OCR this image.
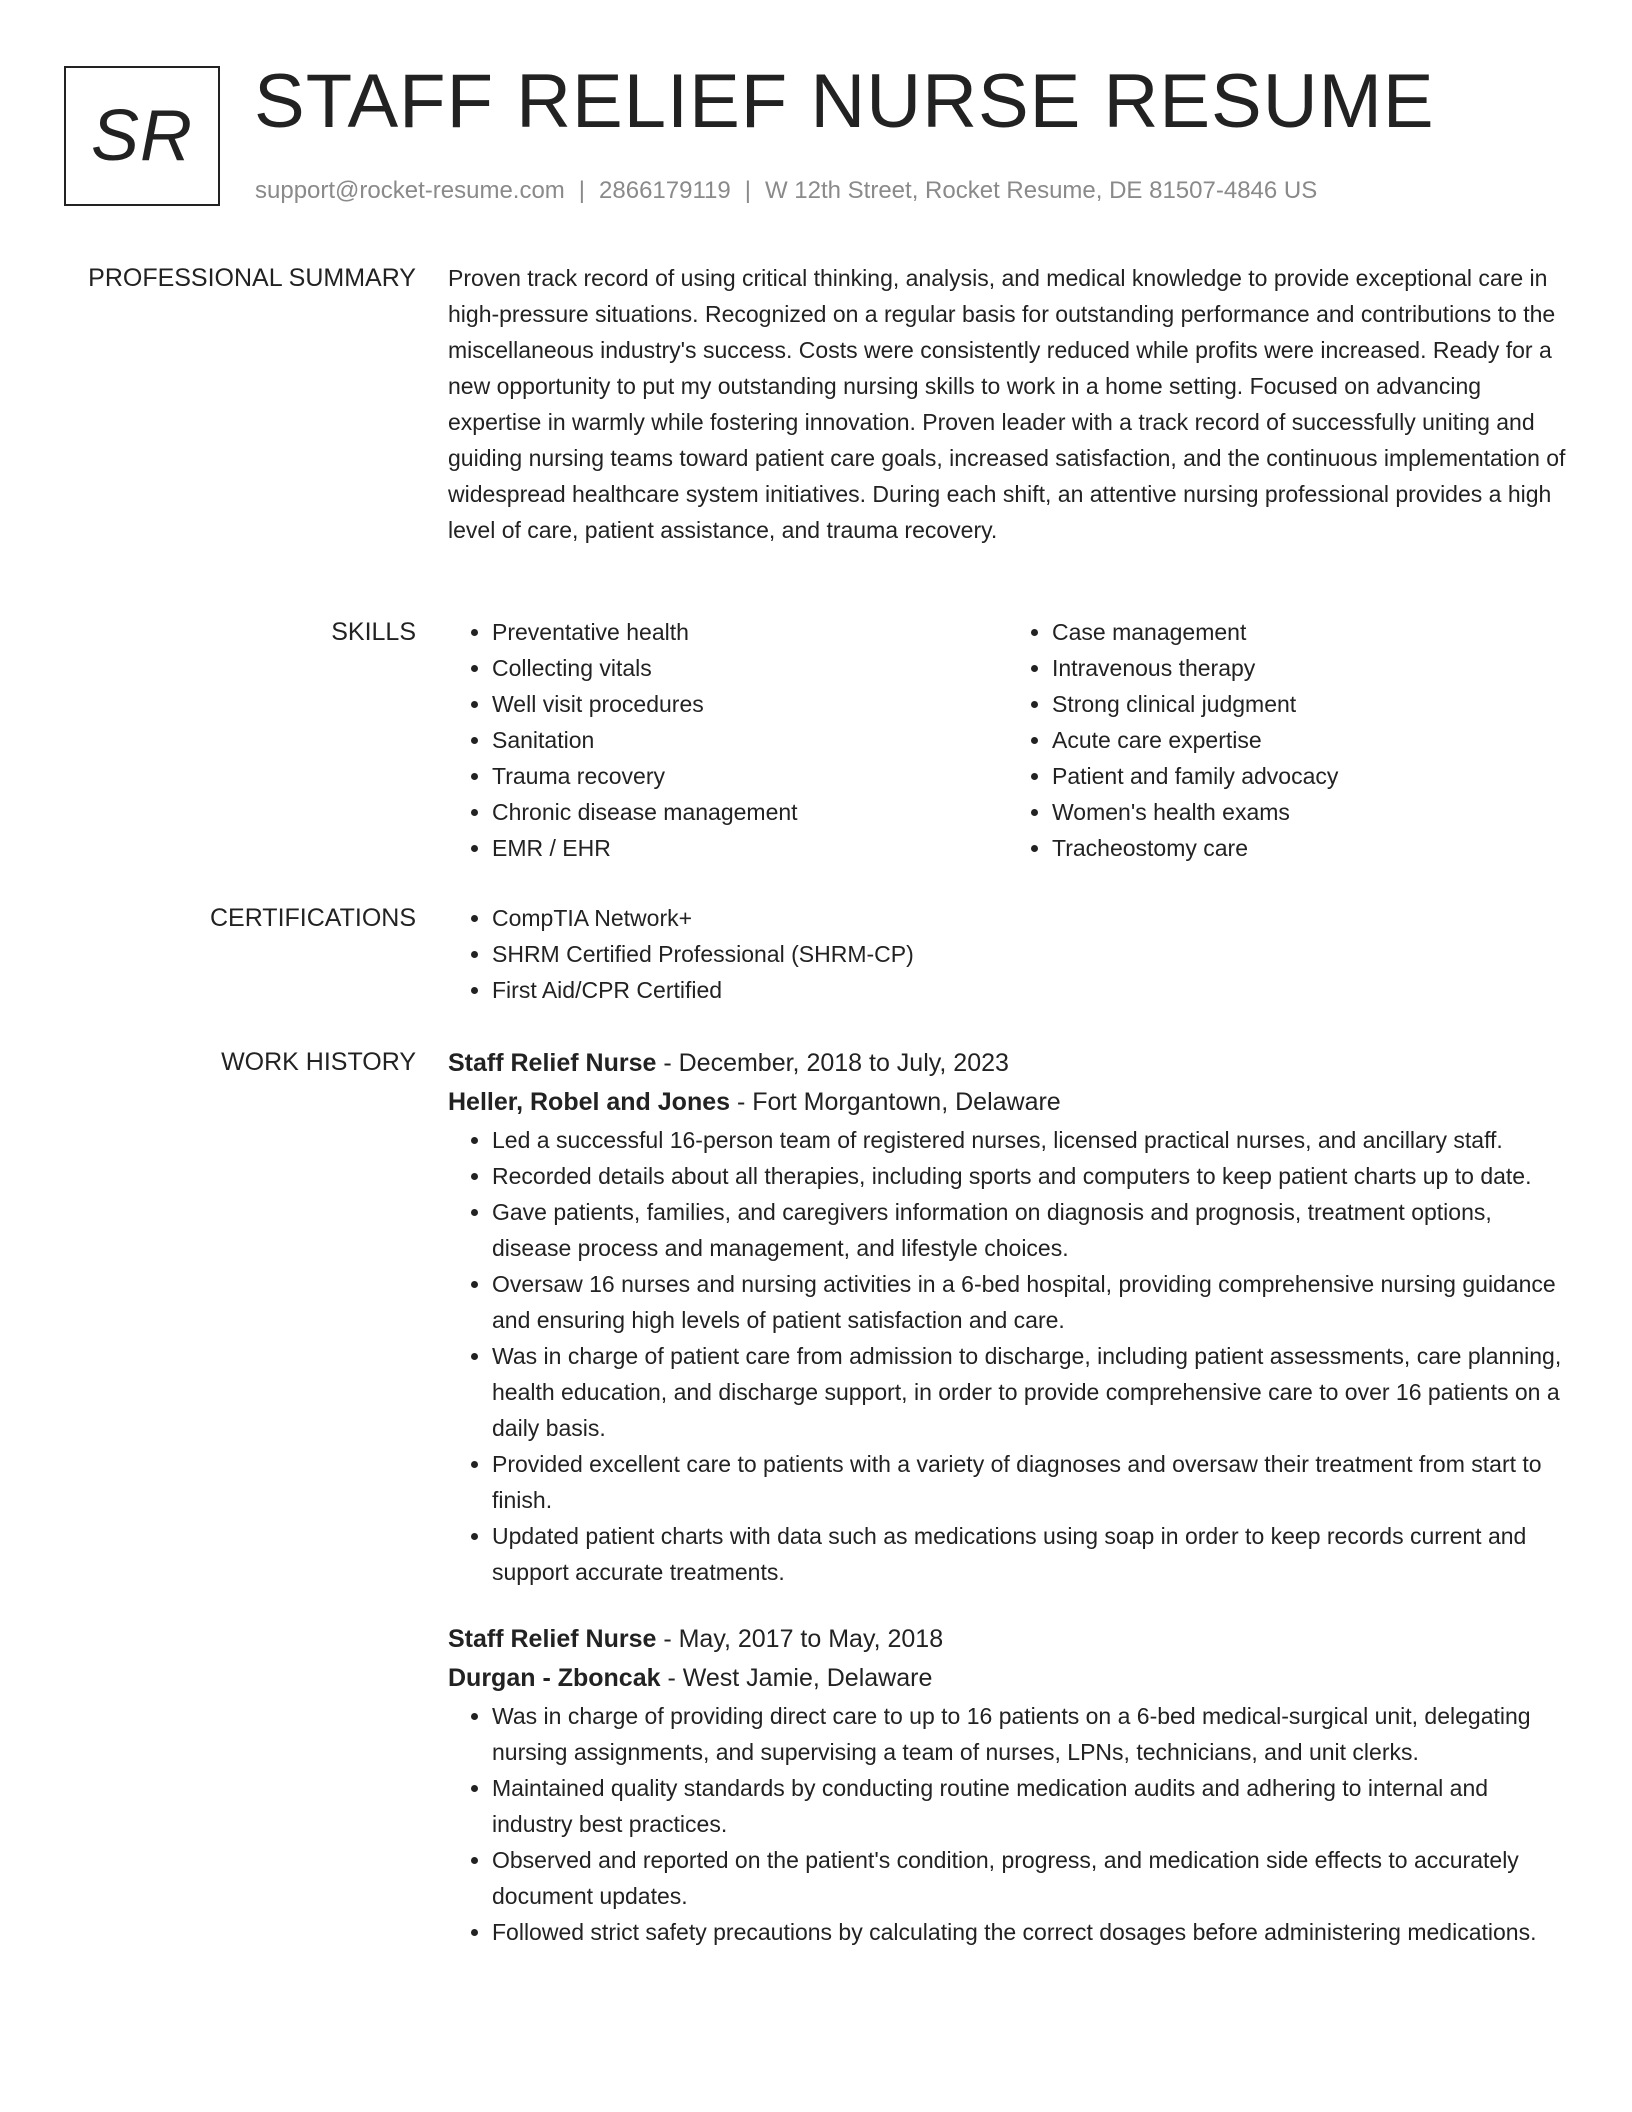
SR STAFF RELIEF NURSE RESUME
support@rocket-resume.com | 2866179119 | W 12th Street, Rocket Resume, DE 81507-4846 US
PROFESSIONAL SUMMARY Proven track record of using critical thinking, analysis, and medical knowledge to provide exceptional care in high-pressure situations. Recognized on a regular basis for outstanding performance and contributions to the miscellaneous industry's success. Costs were consistently reduced while profits were increased. Ready for a new opportunity to put my outstanding nursing skills to work in a home setting. Focused on advancing expertise in warmly while fostering innovation. Proven leader with a track record of successfully uniting and guiding nursing teams toward patient care goals, increased satisfaction, and the continuous implementation of widespread healthcare system initiatives. During each shift, an attentive nursing professional provides a high level of care, patient assistance, and trauma recovery.

SKILLS	• Preventative health
• Collecting vitals
• Well visit procedures
• Sanitation
• Trauma recovery
• Chronic disease management
• EMR / EHR
• Case management
• Intravenous therapy
• Strong clinical judgment
• Acute care expertise
• Patient and family advocacy
• Women's health exams
• Tracheostomy care
CERTIFICATIONS	• CompTIA Network+
• SHRM Certified Professional (SHRM-CP)
• First Aid/CPR Certified
WORK HISTORY Staff Relief Nurse - December, 2018 to July, 2023

Heller, Robel and Jones - Fort Morgantown, Delaware

• Led a successful 16-person team of registered nurses, licensed practical nurses, and ancillary staff.
• Recorded details about all therapies, including sports and computers to keep patient charts up to date.
• Gave patients, families, and caregivers information on diagnosis and prognosis, treatment options, disease process and management, and lifestyle choices.
• Oversaw 16 nurses and nursing activities in a 6-bed hospital, providing comprehensive nursing guidance and ensuring high levels of patient satisfaction and care.
• Was in charge of patient care from admission to discharge, including patient assessments, care planning, health education, and discharge support, in order to provide comprehensive care to over 16 patients on a daily basis.
• Provided excellent care to patients with a variety of diagnoses and oversaw their treatment from start to finish.
• Updated patient charts with data such as medications using soap in order to keep records current and support accurate treatments.

Staff Relief Nurse - May, 2017 to May, 2018

Durgan - Zboncak - West Jamie, Delaware

• Was in charge of providing direct care to up to 16 patients on a 6-bed medical-surgical unit, delegating nursing assignments, and supervising a team of nurses, LPNs, technicians, and unit clerks.
• Maintained quality standards by conducting routine medication audits and adhering to internal and industry best practices.
• Observed and reported on the patient's condition, progress, and medication side effects to accurately document updates.
• Followed strict safety precautions by calculating the correct dosages before administering medications.
